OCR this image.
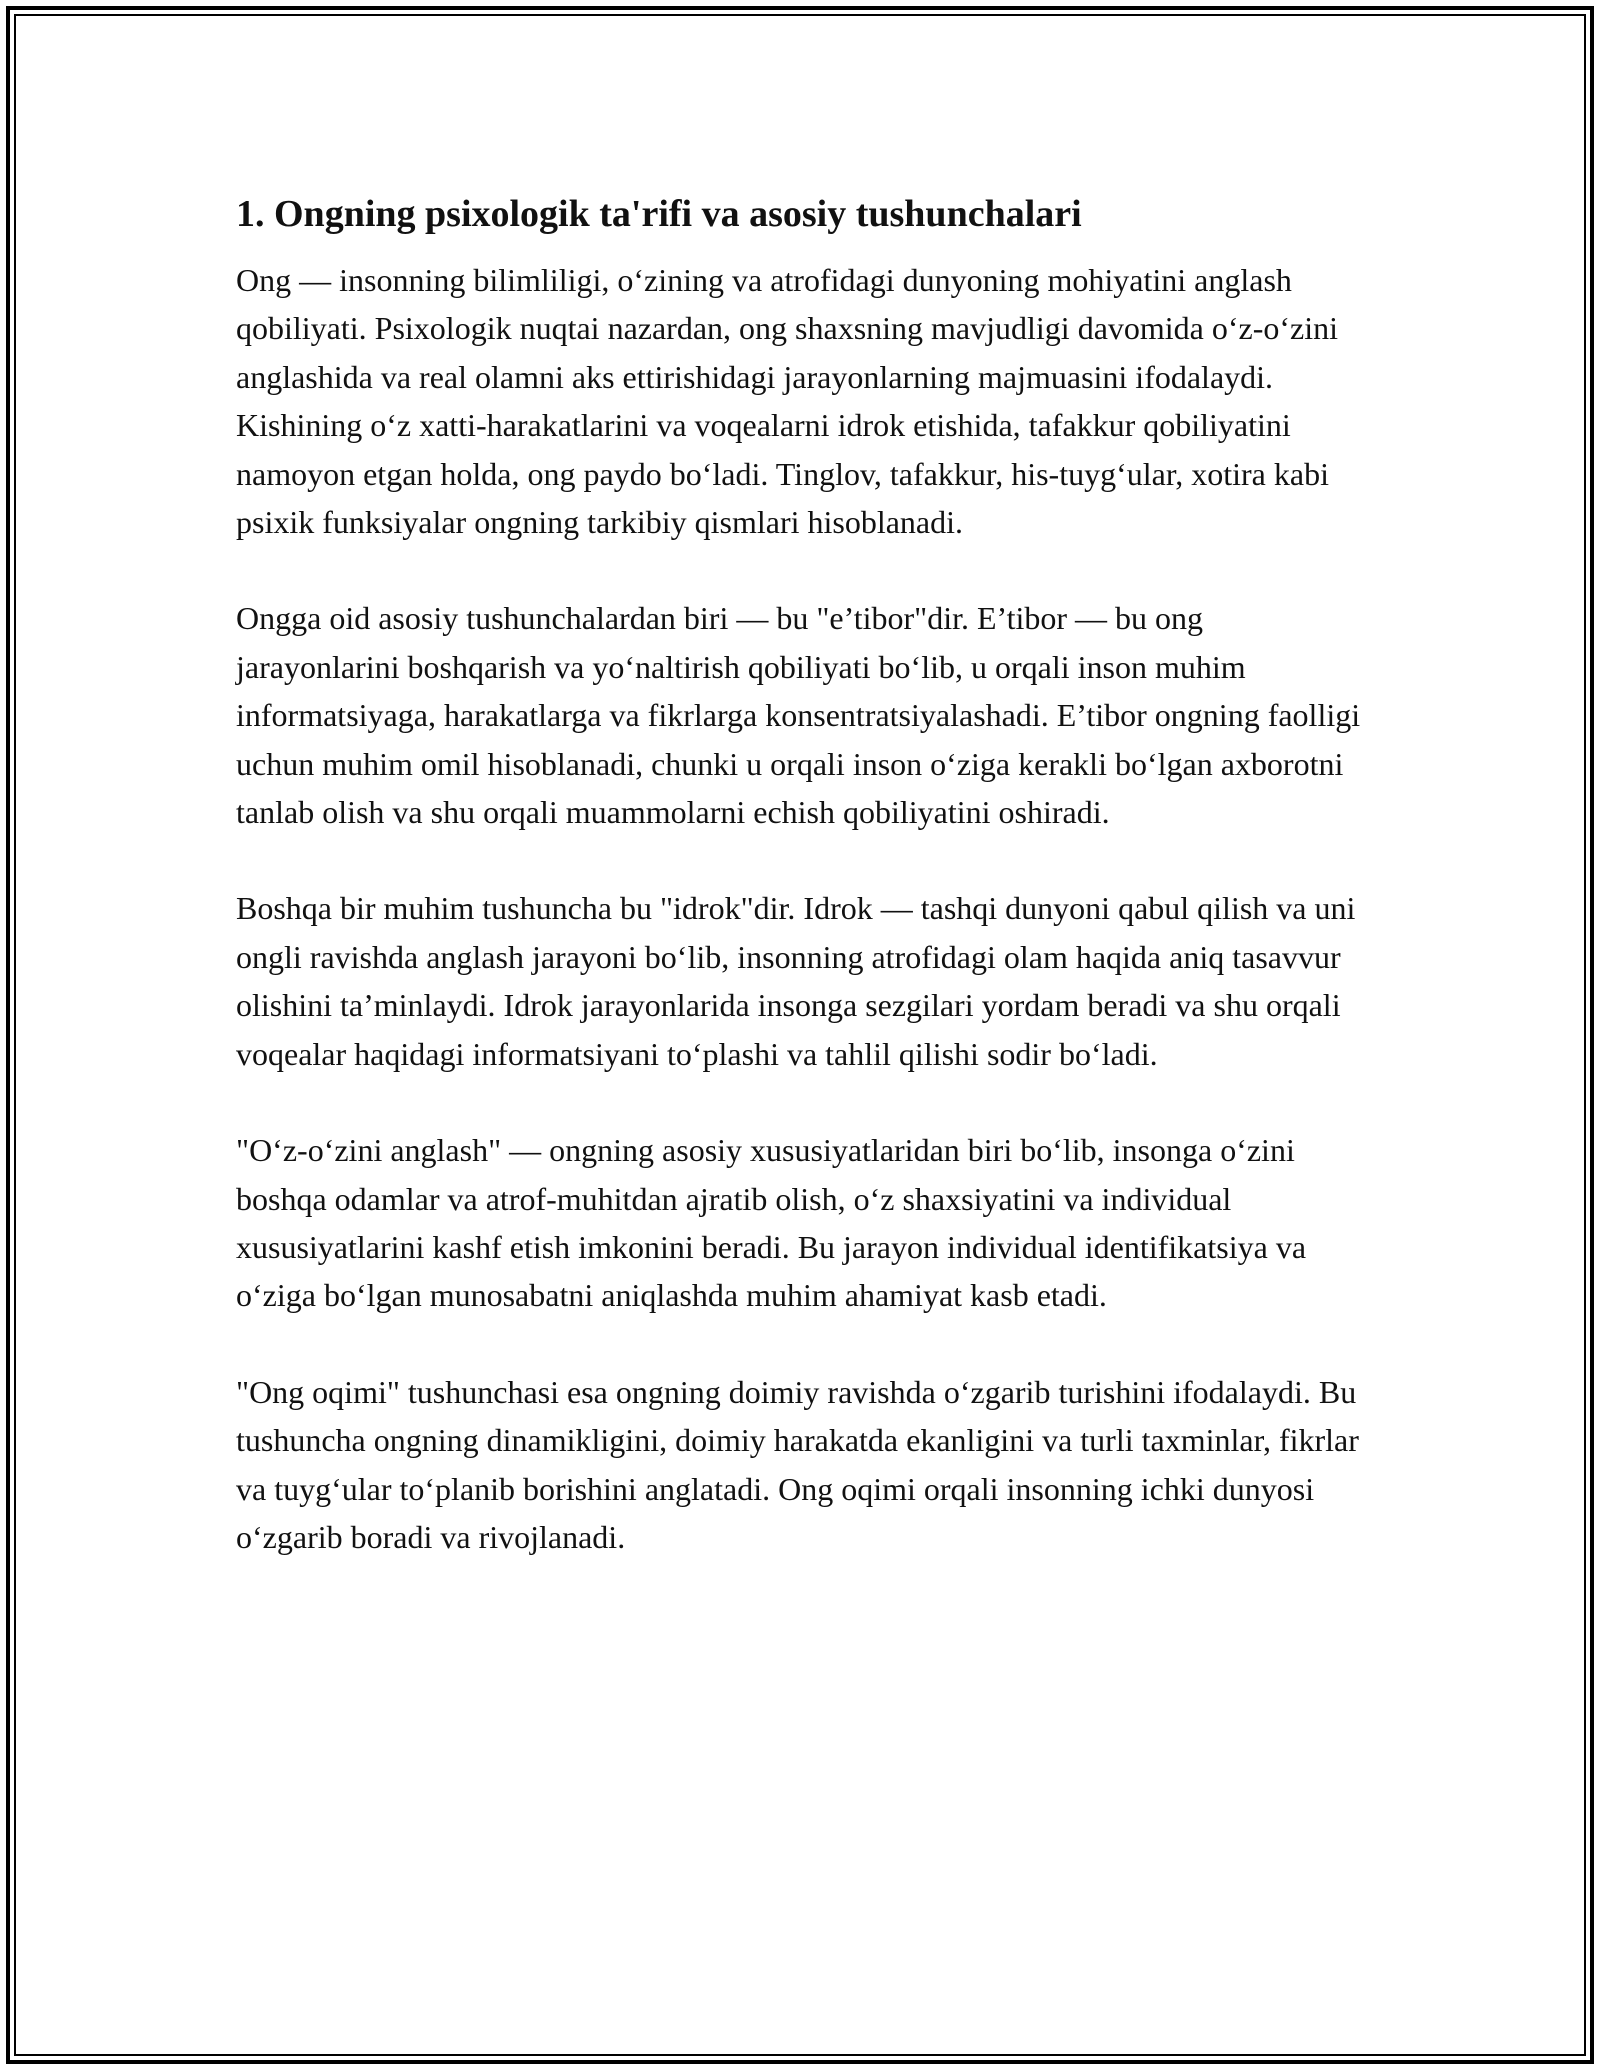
1. Ongning psixologik ta'rifi va asosiy tushunchalari

Ong — insonning bilimliligi, o‘zining va atrofidagi dunyoning mohiyatini anglash qobiliyati. Psixologik nuqtai nazardan, ong shaxsning mavjudligi davomida o‘z-o‘zini anglashida va real olamni aks ettirishidagi jarayonlarning majmuasini ifodalaydi. Kishining o‘z xatti-harakatlarini va voqealarni idrok etishida, tafakkur qobiliyatini namoyon etgan holda, ong paydo bo‘ladi. Tinglov, tafakkur, his-tuyg‘ular, xotira kabi psixik funksiyalar ongning tarkibiy qismlari hisoblanadi.

Ongga oid asosiy tushunchalardan biri — bu "e’tibor"dir. E’tibor — bu ong jarayonlarini boshqarish va yo‘naltirish qobiliyati bo‘lib, u orqali inson muhim informatsiyaga, harakatlarga va fikrlarga konsentratsiyalashadi. E’tibor ongning faolligi uchun muhim omil hisoblanadi, chunki u orqali inson o‘ziga kerakli bo‘lgan axborotni tanlab olish va shu orqali muammolarni echish qobiliyatini oshiradi.

Boshqa bir muhim tushuncha bu "idrok"dir. Idrok — tashqi dunyoni qabul qilish va uni ongli ravishda anglash jarayoni bo‘lib, insonning atrofidagi olam haqida aniq tasavvur olishini ta’minlaydi. Idrok jarayonlarida insonga sezgilari yordam beradi va shu orqali voqealar haqidagi informatsiyani to‘plashi va tahlil qilishi sodir bo‘ladi.

"O‘z-o‘zini anglash" — ongning asosiy xususiyatlaridan biri bo‘lib, insonga o‘zini boshqa odamlar va atrof-muhitdan ajratib olish, o‘z shaxsiyatini va individual xususiyatlarini kashf etish imkonini beradi. Bu jarayon individual identifikatsiya va o‘ziga bo‘lgan munosabatni aniqlashda muhim ahamiyat kasb etadi.

"Ong oqimi" tushunchasi esa ongning doimiy ravishda o‘zgarib turishini ifodalaydi. Bu tushuncha ongning dinamikligini, doimiy harakatda ekanligini va turli taxminlar, fikrlar va tuyg‘ular to‘planib borishini anglatadi. Ong oqimi orqali insonning ichki dunyosi o‘zgarib boradi va rivojlanadi.
